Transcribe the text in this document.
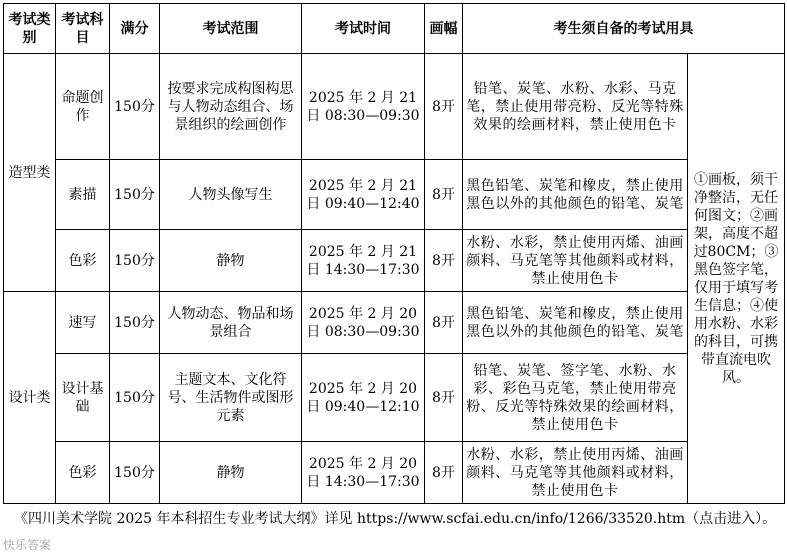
考试类别	考试科目	满分	考试范围	考试时间	画幅	考生须自备的考试用具	
造型类	命题创作	150分	按要求完成构图构思与人物动态组合、场景组织的绘画创作	2025 年 2 月 21 日 08:30—09:30	8开	铅笔、炭笔、水粉、水彩、马克笔，禁止使用带亮粉、反光等特殊效果的绘画材料，禁止使用色卡	①画板，须干净整洁，无任何图文；②画架，高度不超过80CM；③黑色签字笔，仅用于填写考生信息；④使用水粉、水彩的科目，可携带直流电吹风。
	素描	150分	人物头像写生	2025 年 2 月 21 日 09:40—12:40	8开	黑色铅笔、炭笔和橡皮，禁止使用黑色以外的其他颜色的铅笔、炭笔	
	色彩	150分	静物	2025 年 2 月 21 日 14:30—17:30	8开	水粉、水彩，禁止使用丙烯、油画颜料、马克笔等其他颜料或材料，禁止使用色卡	
设计类	速写	150分	人物动态、物品和场景组合	2025 年 2 月 20 日 08:30—09:30	8开	黑色铅笔、炭笔和橡皮，禁止使用黑色以外的其他颜色的铅笔、炭笔	
	设计基础	150分	主题文本、文化符号、生活物件或图形元素	2025 年 2 月 20 日 09:40—12:10	8开	铅笔、炭笔、签字笔、水粉、水彩、彩色马克笔，禁止使用带亮粉、反光等特殊效果的绘画材料，禁止使用色卡	
	色彩	150分	静物	2025 年 2 月 20 日 14:30—17:30	8开	水粉、水彩，禁止使用丙烯、油画颜料、马克笔等其他颜料或材料，禁止使用色卡	
《四川美术学院 2025 年本科招生专业考试大纲》详见 https://www.scfai.edu.cn/info/1266/33520.htm（点击进入）。
快乐答案
